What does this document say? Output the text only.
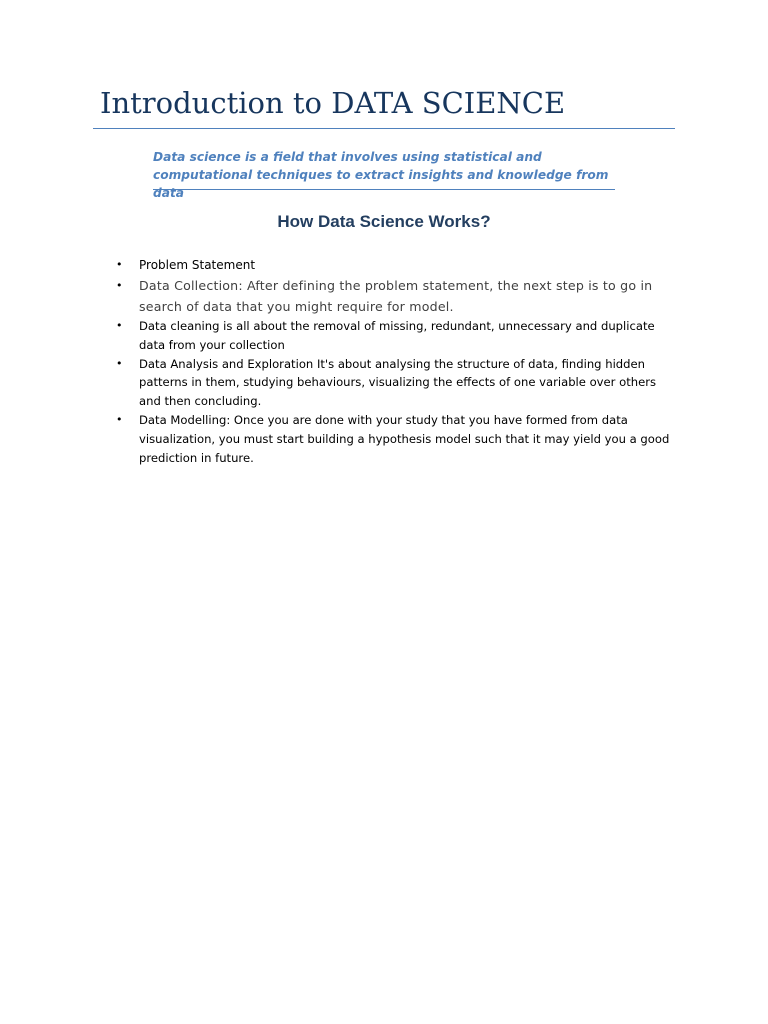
Introduction to DATA SCIENCE

Data science is a field that involves using statistical and computational techniques to extract insights and knowledge from data

How Data Science Works?
• Problem Statement
• Data Collection: After defining the problem statement, the next step is to go in search of data that you might require for model.
• Data cleaning is all about the removal of missing, redundant, unnecessary and duplicate data from your collection
• Data Analysis and Exploration It's about analysing the structure of data, finding hidden patterns in them, studying behaviours, visualizing the effects of one variable over others and then concluding.
• Data Modelling: Once you are done with your study that you have formed from data visualization, you must start building a hypothesis model such that it may yield you a good prediction in future.
